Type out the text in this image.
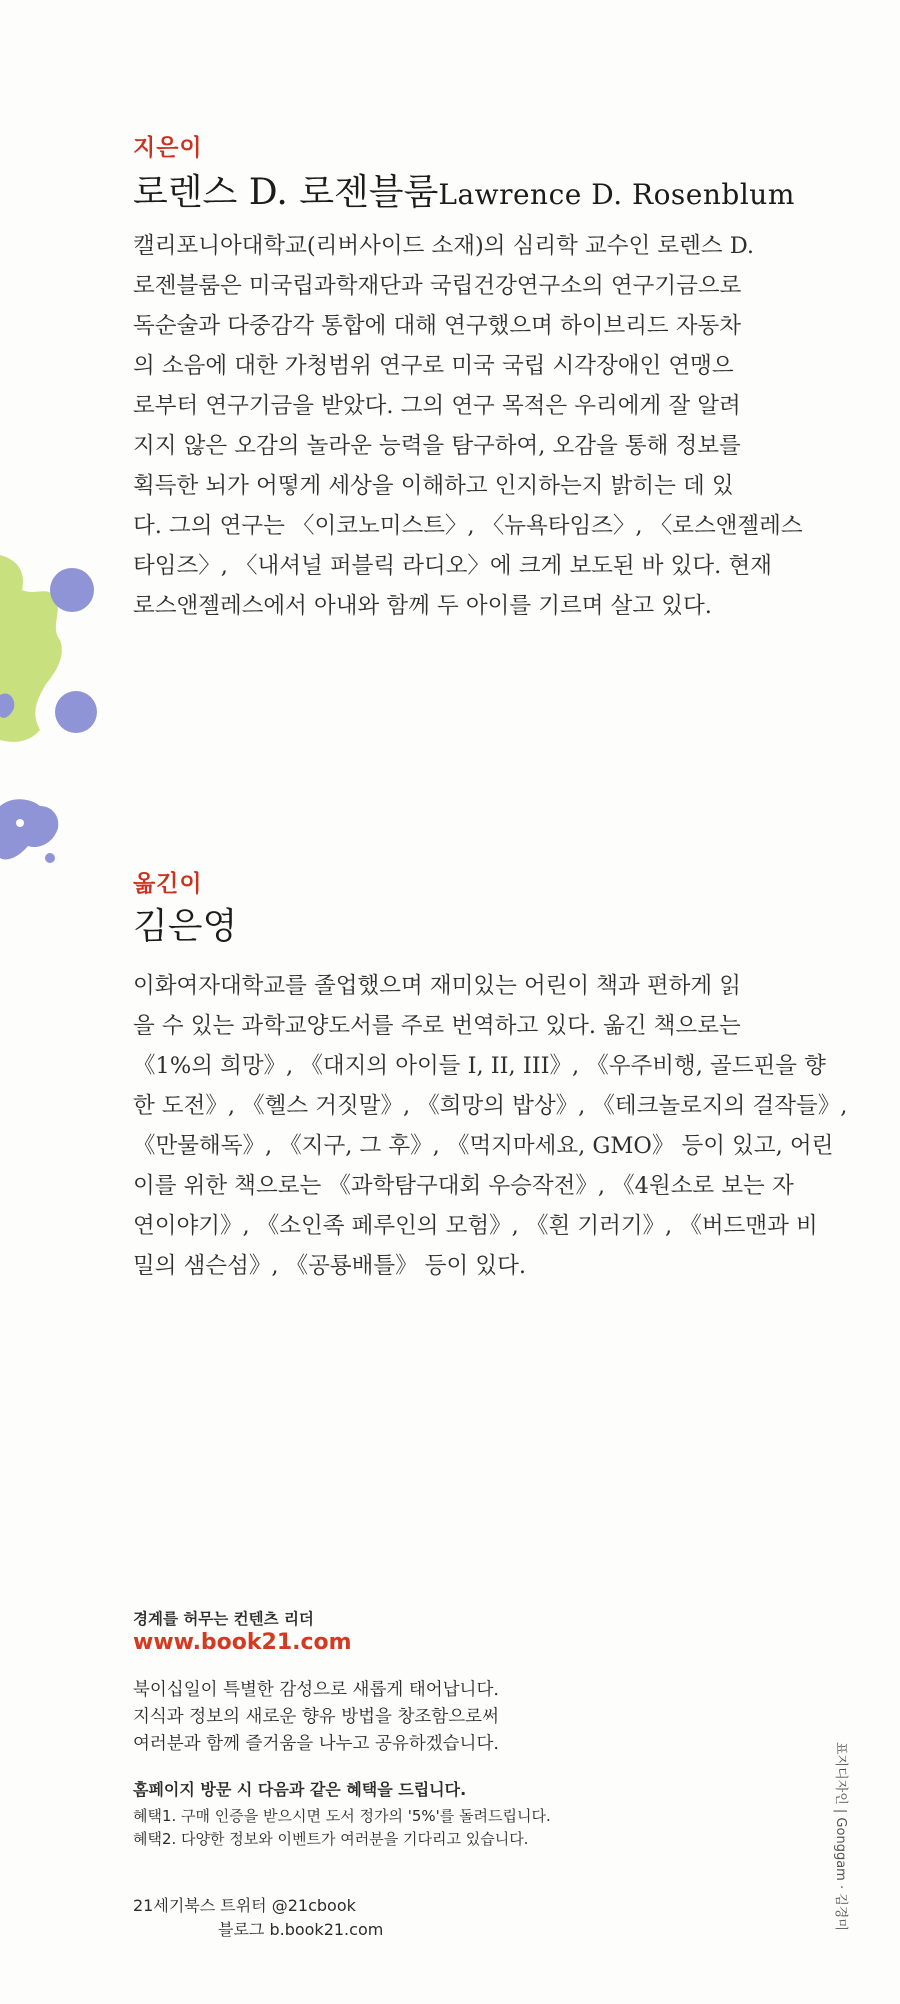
지은이
로렌스 D. 로젠블룸Lawrence D. Rosenblum
캘리포니아대학교(리버사이드 소재)의 심리학 교수인 로렌스 D.
로젠블룸은 미국립과학재단과 국립건강연구소의 연구기금으로
독순술과 다중감각 통합에 대해 연구했으며 하이브리드 자동차
의 소음에 대한 가청범위 연구로 미국 국립 시각장애인 연맹으
로부터 연구기금을 받았다. 그의 연구 목적은 우리에게 잘 알려
지지 않은 오감의 놀라운 능력을 탐구하여, 오감을 통해 정보를
획득한 뇌가 어떻게 세상을 이해하고 인지하는지 밝히는 데 있
다. 그의 연구는 〈이코노미스트〉, 〈뉴욕타임즈〉, 〈로스앤젤레스
타임즈〉, 〈내셔널 퍼블릭 라디오〉에 크게 보도된 바 있다. 현재
로스앤젤레스에서 아내와 함께 두 아이를 기르며 살고 있다.
옮긴이
김은영
이화여자대학교를 졸업했으며 재미있는 어린이 책과 편하게 읽
을 수 있는 과학교양도서를 주로 번역하고 있다. 옮긴 책으로는
《1%의 희망》, 《대지의 아이들 I, II, III》, 《우주비행, 골드핀을 향
한 도전》, 《헬스 거짓말》, 《희망의 밥상》, 《테크놀로지의 걸작들》,
《만물해독》, 《지구, 그 후》, 《먹지마세요, GMO》 등이 있고, 어린
이를 위한 책으로는 《과학탐구대회 우승작전》, 《4원소로 보는 자
연이야기》, 《소인족 페루인의 모험》, 《흰 기러기》, 《버드맨과 비
밀의 샘슨섬》, 《공룡배틀》 등이 있다.
경계를 허무는 컨텐츠 리더
www.book21.com
북이십일이 특별한 감성으로 새롭게 태어납니다.
지식과 정보의 새로운 향유 방법을 창조함으로써
여러분과 함께 즐거움을 나누고 공유하겠습니다.
홈페이지 방문 시 다음과 같은 혜택을 드립니다.
혜택1. 구매 인증을 받으시면 도서 정가의 '5%'를 돌려드립니다.
혜택2. 다양한 정보와 이벤트가 여러분을 기다리고 있습니다.
21세기북스 트위터 @21cbook
블로그 b.book21.com	표지디자인 | Gonggam · 김경미
